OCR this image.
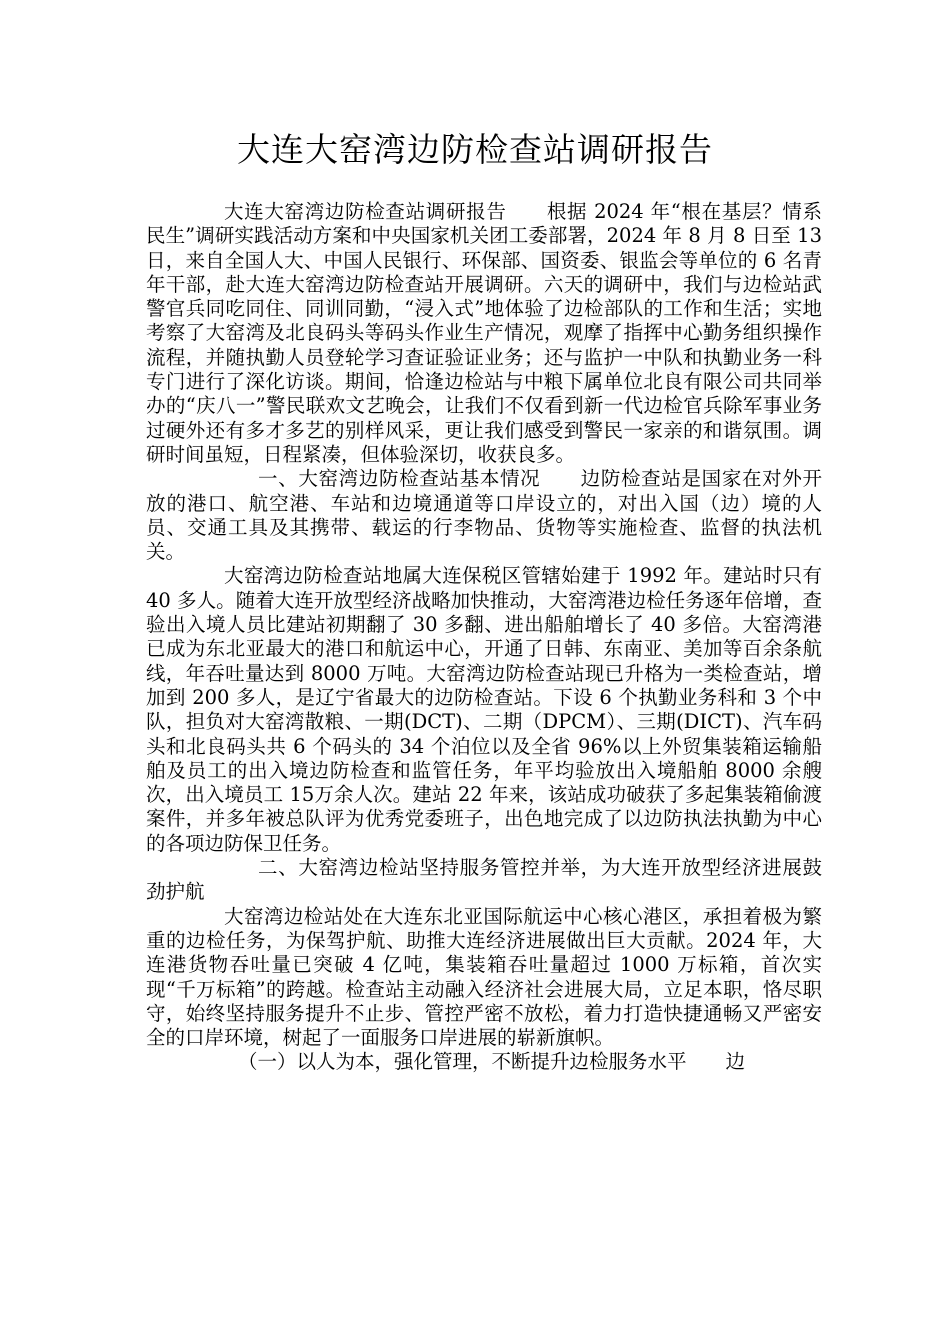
大连大窑湾边防检查站调研报告

大连大窑湾边防检查站调研报告　　根据 2024 年“根在基层？情系民生”调研实践活动方案和中央国家机关团工委部署，2024 年 8 月 8 日至 13 日，来自全国人大、中国人民银行、环保部、国资委、银监会等单位的 6 名青年干部，赴大连大窑湾边防检查站开展调研。六天的调研中，我们与边检站武警官兵同吃同住、同训同勤，“浸入式”地体验了边检部队的工作和生活；实地考察了大窑湾及北良码头等码头作业生产情况，观摩了指挥中心勤务组织操作流程，并随执勤人员登轮学习查证验证业务；还与监护一中队和执勤业务一科专门进行了深化访谈。期间，恰逢边检站与中粮下属单位北良有限公司共同举办的“庆八一”警民联欢文艺晚会，让我们不仅看到新一代边检官兵除军事业务过硬外还有多才多艺的别样风采，更让我们感受到警民一家亲的和谐氛围。调研时间虽短，日程紧凑，但体验深切，收获良多。

一、大窑湾边防检查站基本情况　　边防检查站是国家在对外开放的港口、航空港、车站和边境通道等口岸设立的，对出入国（边）境的人员、交通工具及其携带、载运的行李物品、货物等实施检查、监督的执法机关。

大窑湾边防检查站地属大连保税区管辖始建于 1992 年。建站时只有 40 多人。随着大连开放型经济战略加快推动，大窑湾港边检任务逐年倍增，查验出入境人员比建站初期翻了 30 多翻、进出船舶增长了 40 多倍。大窑湾港已成为东北亚最大的港口和航运中心，开通了日韩、东南亚、美加等百余条航线，年吞吐量达到 8000 万吨。大窑湾边防检查站现已升格为一类检查站，增加到 200 多人，是辽宁省最大的边防检查站。下设 6 个执勤业务科和 3 个中队，担负对大窑湾散粮、一期(DCT)、二期（DPCM）、三期(DICT)、汽车码头和北良码头共 6 个码头的 34 个泊位以及全省 96%以上外贸集装箱运输船舶及员工的出入境边防检查和监管任务，年平均验放出入境船舶 8000 余艘次，出入境员工 15万余人次。建站 22 年来，该站成功破获了多起集装箱偷渡案件，并多年被总队评为优秀党委班子，出色地完成了以边防执法执勤为中心的各项边防保卫任务。

二、大窑湾边检站坚持服务管控并举，为大连开放型经济进展鼓劲护航

大窑湾边检站处在大连东北亚国际航运中心核心港区，承担着极为繁重的边检任务，为保驾护航、助推大连经济进展做出巨大贡献。2024 年，大连港货物吞吐量已突破 4 亿吨，集装箱吞吐量超过 1000 万标箱，首次实现“千万标箱”的跨越。检查站主动融入经济社会进展大局，立足本职，恪尽职守，始终坚持服务提升不止步、管控严密不放松，着力打造快捷通畅又严密安全的口岸环境，树起了一面服务口岸进展的崭新旗帜。

（一）以人为本，强化管理，不断提升边检服务水平　　边
